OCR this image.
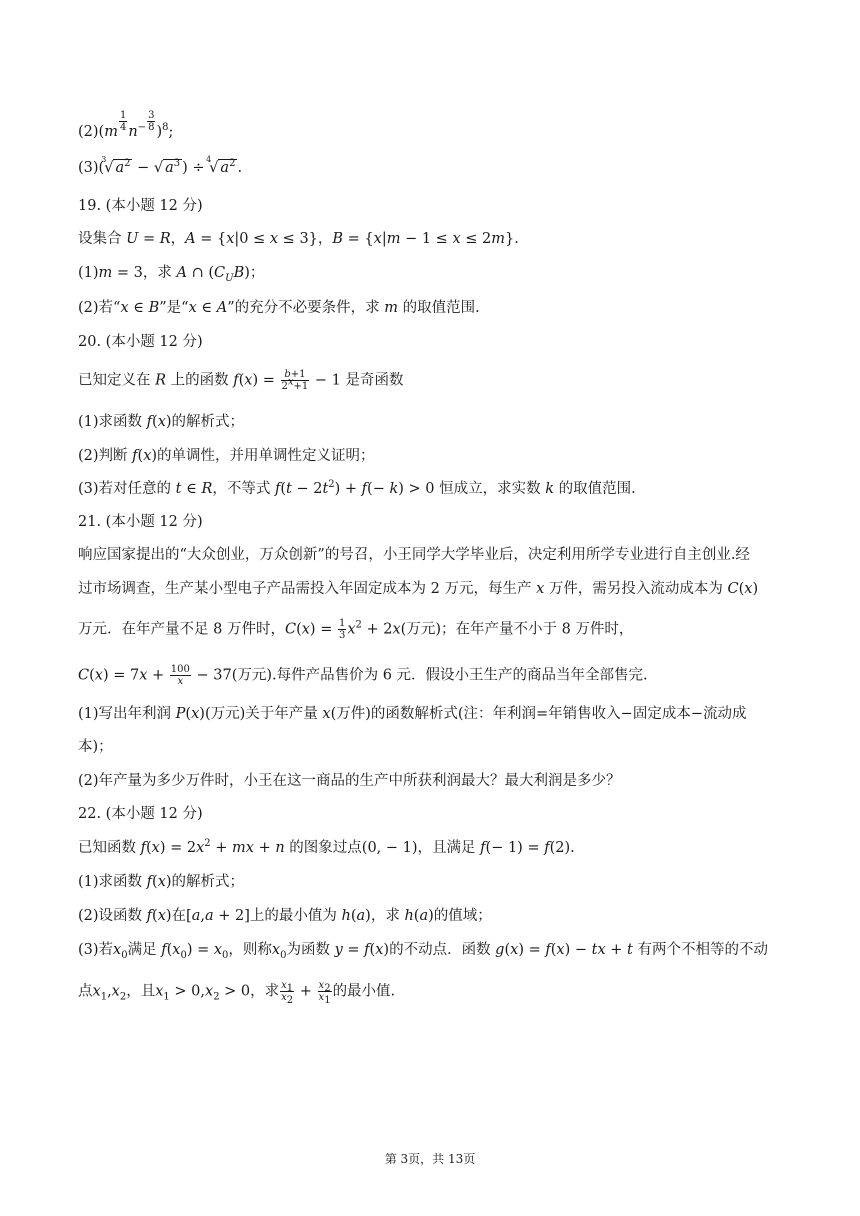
(2)(m $^{\frac{1}{4}}$ $n^{- \frac{3}{8}}$ )$^8$;
(3)(
3
√ $a^2$ − √ $a^3$ ) ÷
4
√ $a^2$ .
19. (本小题 12 分)
设集合 U = R，A = {x|0 ≤ x ≤ 3}，B = {x|m − 1 ≤ x ≤ 2m}.
(1)m = 3，求 A ∩ $(C_UB)$；
(2)若“x ∈ B”是“x ∈ A”的充分不必要条件，求 m 的取值范围.
20. (本小题 12 分)
已知定义在 R 上的函数 $f(x) = \frac{b+1}{2^x+1} - 1$ 是奇函数
(1)求函数 f(x)的解析式；
(2)判断 f(x)的单调性，并用单调性定义证明；
(3)若对任意的 t ∈ R，不等式 $f(t - 2t^2) + f(- k) > 0$ 恒成立，求实数 k 的取值范围.
21. (本小题 12 分)
响应国家提出的“大众创业，万众创新”的号召，小王同学大学毕业后，决定利用所学专业进行自主创业.经
过市场调查，生产某小型电子产品需投入年固定成本为 2 万元，每生产 x 万件，需另投入流动成本为 C(x)
万元．在年产量不足 8 万件时，$C(x) = \frac{1}{3} x^2 + 2x$(万元)；在年产量不小于 8 万件时，
$C(x) = 7x + \frac{100}{x} - 37$(万元).每件产品售价为 6 元．假设小王生产的商品当年全部售完.
(1)写出年利润 P(x)(万元)关于年产量 x(万件)的函数解析式(注：年利润=年销售收入−固定成本−流动成
本)；
(2)年产量为多少万件时，小王在这一商品的生产中所获利润最大？最大利润是多少？
22. (本小题 12 分)
已知函数 $f(x) = 2x^2$ + mx + n 的图象过点(0, − 1)，且满足 f(− 1) = f(2).
(1)求函数 f(x)的解析式；
(2)设函数 f(x)在[a,a + 2]上的最小值为 h(a)，求 h(a)的值域；
(3)若$x_0$满足 $f(x_0) = x_0$，则称$x_0$为函数 y = f(x)的不动点．函数 g(x) = f(x) − tx + t 有两个不相等的不动
点$x_1,x_2$，且$x_1 > 0,x_2 > 0$，求 $\frac{x_1}{x_2} + \frac{x_2}{x_1}$ 的最小值.
第 3页，共 13页
